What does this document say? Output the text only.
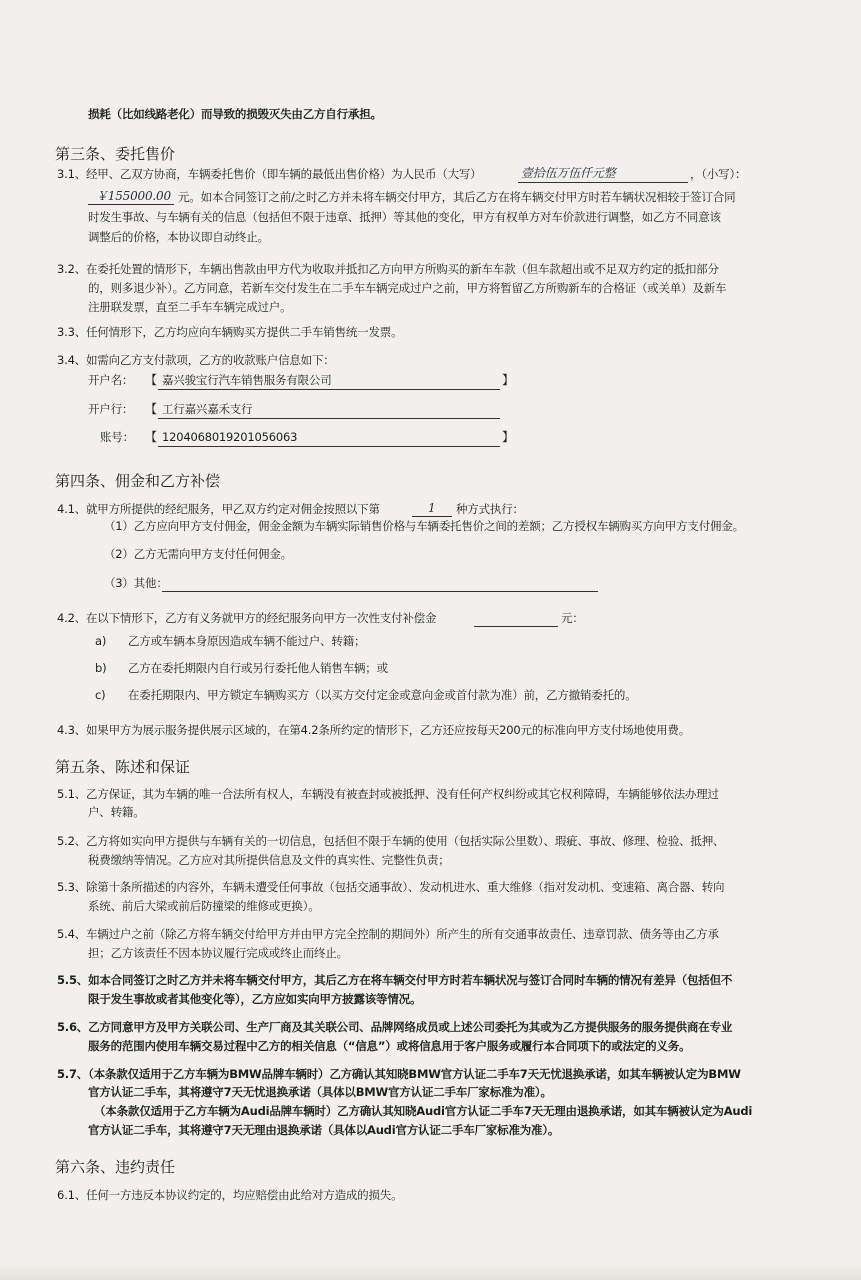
损耗（比如线路老化）而导致的损毁灭失由乙方自行承担。
第三条、委托售价
3.1、经甲、乙双方协商，车辆委托售价（即车辆的最低出售价格）为人民币（大写）	壹拾伍万伍仟元整	，（小写）：
￥155000.00 元。如本合同签订之前/之时乙方并未将车辆交付甲方，其后乙方在将车辆交付甲方时若车辆状况相较于签订合同
时发生事故、与车辆有关的信息（包括但不限于违章、抵押）等其他的变化，甲方有权单方对车价款进行调整，如乙方不同意该
调整后的价格，本协议即自动终止。
3.2、在委托处置的情形下，车辆出售款由甲方代为收取并抵扣乙方向甲方所购买的新车车款（但车款超出或不足双方约定的抵扣部分
的，则多退少补）。乙方同意，若新车交付发生在二手车车辆完成过户之前，甲方将暂留乙方所购新车的合格证（或关单）及新车
注册联发票，直至二手车车辆完成过户。
3.3、任何情形下，乙方均应向车辆购买方提供二手车销售统一发票。
3.4、如需向乙方支付款项，乙方的收款账户信息如下：
开户名： 【 嘉兴骏宝行汽车销售服务有限公司	】
开户行： 【 工行嘉兴嘉禾支行
账号： 【 1204068019201056063	】
第四条、佣金和乙方补偿
4.1、就甲方所提供的经纪服务，甲乙双方约定对佣金按照以下第	1 种方式执行：
（1）乙方应向甲方支付佣金，佣金金额为车辆实际销售价格与车辆委托售价之间的差额；乙方授权车辆购买方向甲方支付佣金。
（2）乙方无需向甲方支付任何佣金。
（3）其他：
4.2、在以下情形下，乙方有义务就甲方的经纪服务向甲方一次性支付补偿金	元：
a) 乙方或车辆本身原因造成车辆不能过户、转籍；
b) 乙方在委托期限内自行或另行委托他人销售车辆；或
c) 在委托期限内、甲方锁定车辆购买方（以买方交付定金或意向金或首付款为准）前，乙方撤销委托的。
4.3、如果甲方为展示服务提供展示区域的，在第4.2条所约定的情形下，乙方还应按每天200元的标准向甲方支付场地使用费。
第五条、陈述和保证
5.1、乙方保证，其为车辆的唯一合法所有权人，车辆没有被查封或被抵押、没有任何产权纠纷或其它权利障碍，车辆能够依法办理过
户、转籍。
5.2、乙方将如实向甲方提供与车辆有关的一切信息，包括但不限于车辆的使用（包括实际公里数）、瑕疵、事故、修理、检验、抵押、
税费缴纳等情况。乙方应对其所提供信息及文件的真实性、完整性负责；
5.3、除第十条所描述的内容外，车辆未遭受任何事故（包括交通事故）、发动机进水、重大维修（指对发动机、变速箱、离合器、转向
系统、前后大梁或前后防撞梁的维修或更换）。
5.4、车辆过户之前（除乙方将车辆交付给甲方并由甲方完全控制的期间外）所产生的所有交通事故责任、违章罚款、债务等由乙方承
担；乙方该责任不因本协议履行完成或终止而终止。
5.5、如本合同签订之时乙方并未将车辆交付甲方，其后乙方在将车辆交付甲方时若车辆状况与签订合同时车辆的情况有差异（包括但不
限于发生事故或者其他变化等），乙方应如实向甲方披露该等情况。
5.6、乙方同意甲方及甲方关联公司、生产厂商及其关联公司、品牌网络成员或上述公司委托为其或为乙方提供服务的服务提供商在专业
服务的范围内使用车辆交易过程中乙方的相关信息（“信息”）或将信息用于客户服务或履行本合同项下的或法定的义务。
5.7、（本条款仅适用于乙方车辆为BMW品牌车辆时）乙方确认其知晓BMW官方认证二手车7天无忧退换承诺，如其车辆被认定为BMW
官方认证二手车，其将遵守7天无忧退换承诺（具体以BMW官方认证二手车厂家标准为准）。
（本条款仅适用于乙方车辆为Audi品牌车辆时）乙方确认其知晓Audi官方认证二手车7天无理由退换承诺，如其车辆被认定为Audi
官方认证二手车，其将遵守7天无理由退换承诺（具体以Audi官方认证二手车厂家标准为准）。
第六条、违约责任
6.1、任何一方违反本协议约定的，均应赔偿由此给对方造成的损失。
